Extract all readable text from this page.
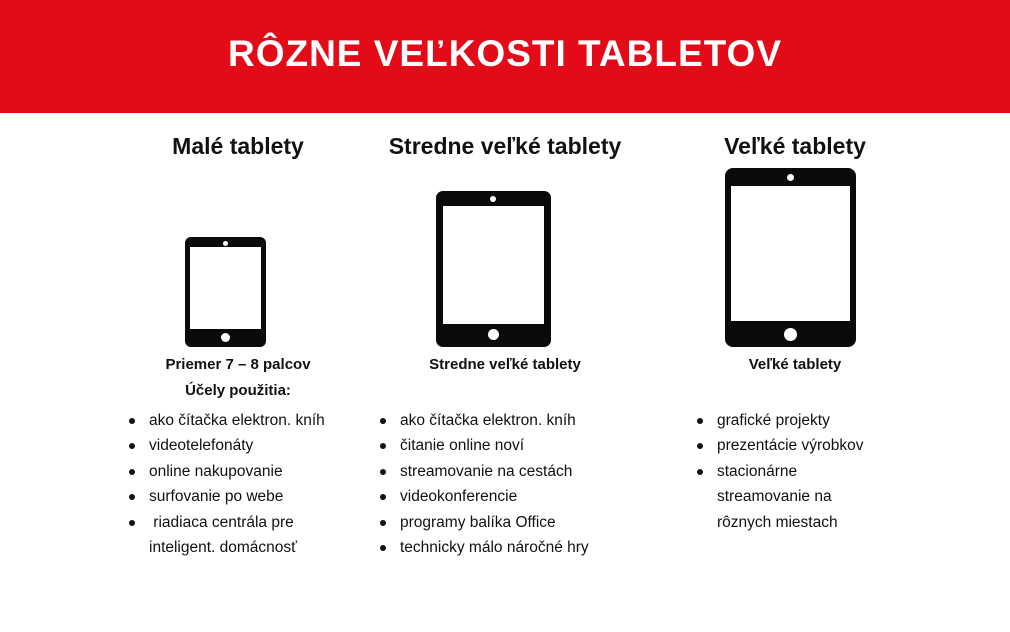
RÔZNE VEĽKOSTI TABLETOV
Malé tablety
Priemer 7 – 8 palcov
Účely použitia:
ako čítačka elektron. kníh
videotelefonáty
online nakupovanie
surfovanie po webe
riadiaca centrála pre
inteligent. domácnosť
Stredne veľké tablety
Stredne veľké tablety
ako čítačka elektron. kníh
čitanie online noví
streamovanie na cestách
videokonferencie
programy balíka Office
technicky málo náročné hry
Veľké tablety
Veľké tablety
grafické projekty
prezentácie výrobkov
stacionárne
streamovanie na
rôznych miestach
